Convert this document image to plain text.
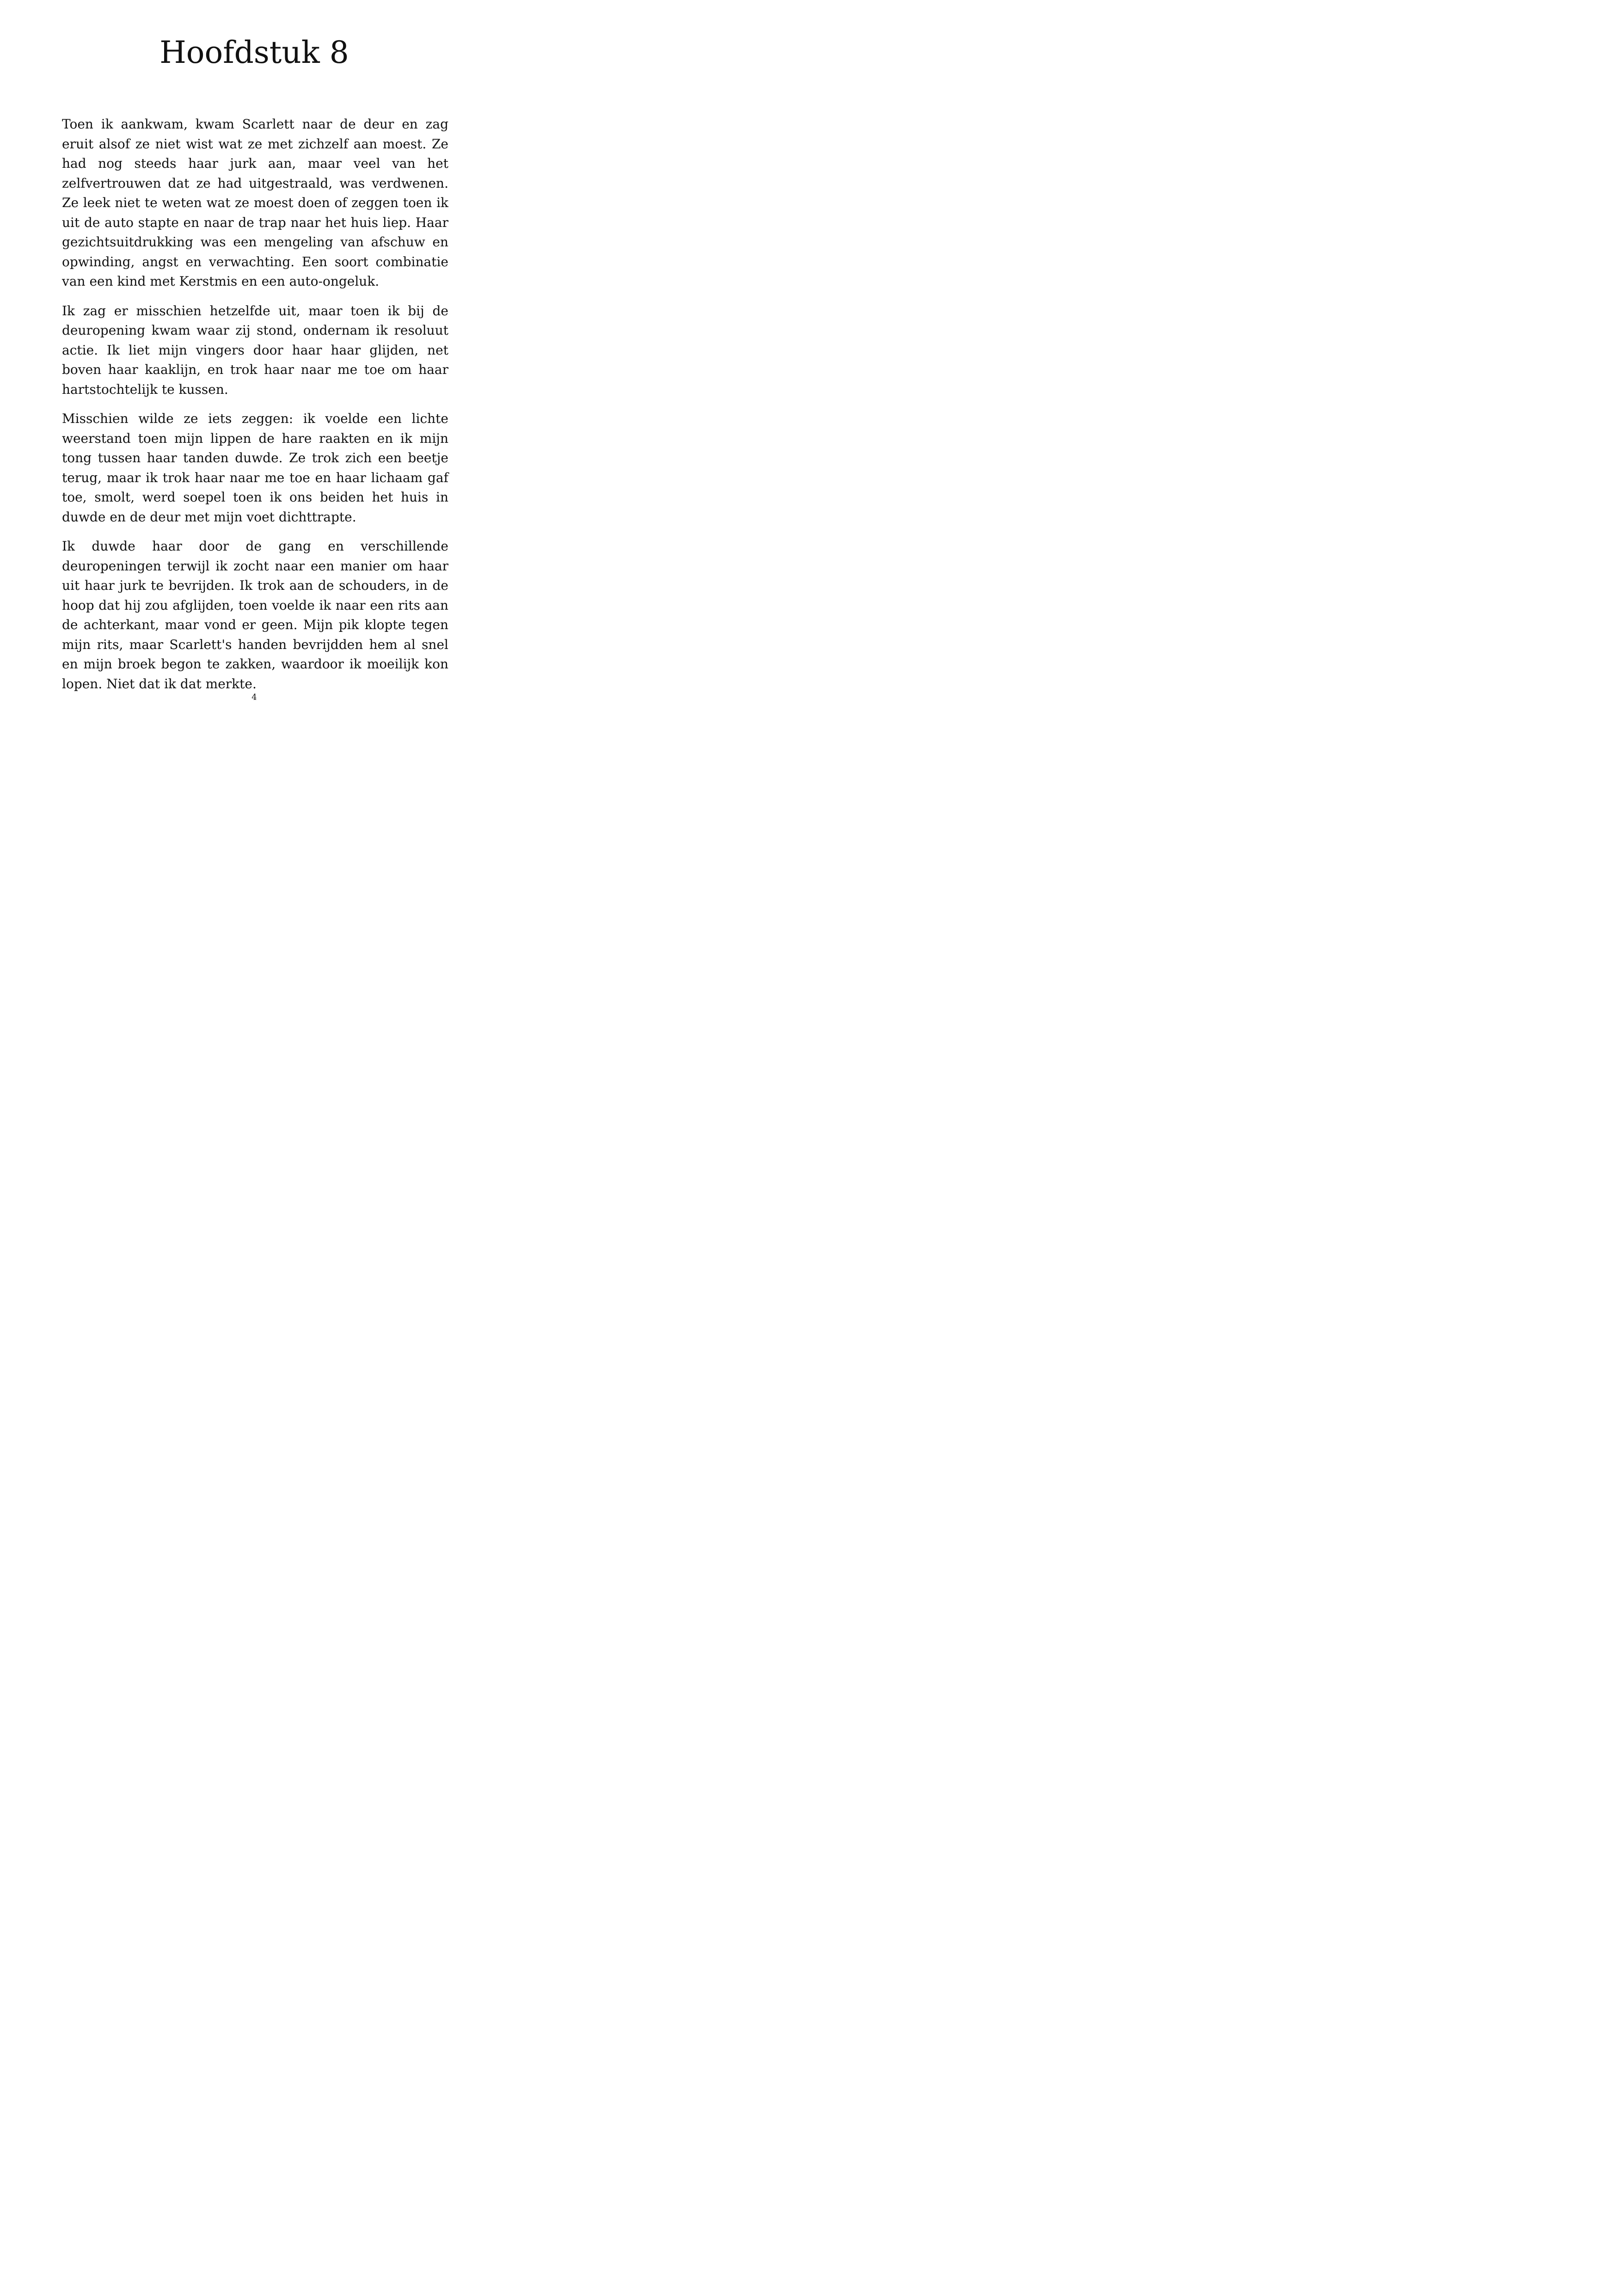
Hoofdstuk 8

Toen ik aankwam, kwam Scarlett naar de deur en zag eruit alsof ze niet wist wat ze met zichzelf aan moest. Ze had nog steeds haar jurk aan, maar veel van het zelfvertrouwen dat ze had uitgestraald, was verdwenen. Ze leek niet te weten wat ze moest doen of zeggen toen ik uit de auto stapte en naar de trap naar het huis liep. Haar gezichtsuitdrukking was een mengeling van afschuw en opwinding, angst en verwachting. Een soort combinatie van een kind met Kerstmis en een auto-ongeluk.

Ik zag er misschien hetzelfde uit, maar toen ik bij de deuropening kwam waar zij stond, ondernam ik resoluut actie. Ik liet mijn vingers door haar haar glijden, net boven haar kaaklijn, en trok haar naar me toe om haar hartstochtelijk te kussen.

Misschien wilde ze iets zeggen: ik voelde een lichte weerstand toen mijn lippen de hare raakten en ik mijn tong tussen haar tanden duwde. Ze trok zich een beetje terug, maar ik trok haar naar me toe en haar lichaam gaf toe, smolt, werd soepel toen ik ons beiden het huis in duwde en de deur met mijn voet dichttrapte.

Ik duwde haar door de gang en verschillende deuropeningen terwijl ik zocht naar een manier om haar uit haar jurk te bevrijden. Ik trok aan de schouders, in de hoop dat hij zou afglijden, toen voelde ik naar een rits aan de achterkant, maar vond er geen. Mijn pik klopte tegen mijn rits, maar Scarlett's handen bevrijdden hem al snel en mijn broek begon te zakken, waardoor ik moeilijk kon lopen. Niet dat ik dat merkte.

4
